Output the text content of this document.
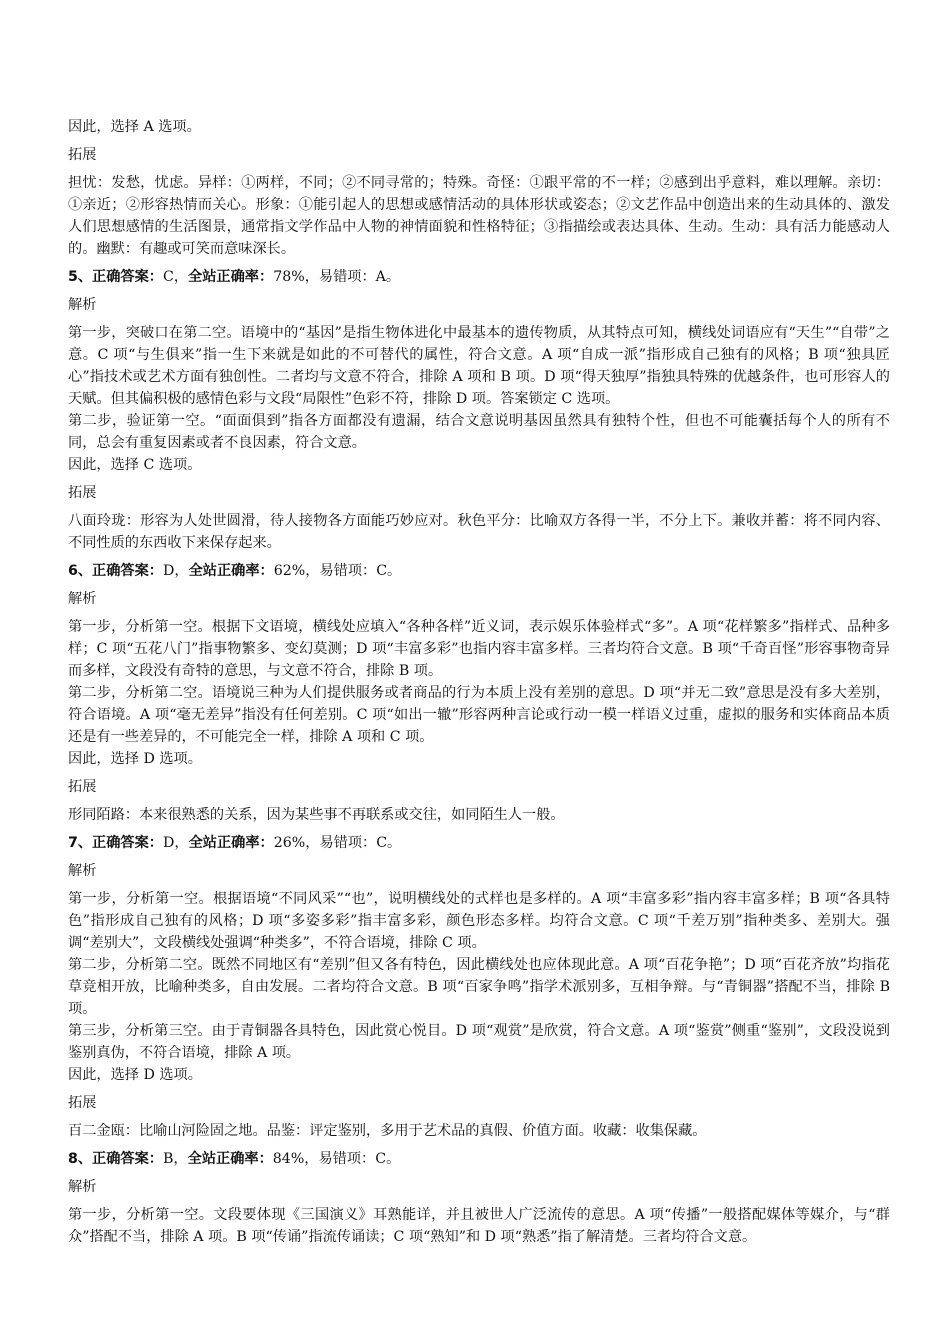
因此，选择 A 选项。
拓展
担忧：发愁，忧虑。异样：①两样，不同；②不同寻常的；特殊。奇怪：①跟平常的不一样；②感到出乎意料，难以理解。亲切：①亲近；②形容热情而关心。形象：①能引起人的思想或感情活动的具体形状或姿态；②文艺作品中创造出来的生动具体的、激发人们思想感情的生活图景，通常指文学作品中人物的神情面貌和性格特征；③指描绘或表达具体、生动。生动：具有活力能感动人的。幽默：有趣或可笑而意味深长。
5、正确答案：C，全站正确率：78%，易错项：A。
解析
第一步，突破口在第二空。语境中的“基因”是指生物体进化中最基本的遗传物质，从其特点可知，横线处词语应有“天生”“自带”之意。C 项“与生俱来”指一生下来就是如此的不可替代的属性，符合文意。A 项“自成一派”指形成自己独有的风格；B 项“独具匠心”指技术或艺术方面有独创性。二者均与文意不符合，排除 A 项和 B 项。D 项“得天独厚”指独具特殊的优越条件，也可形容人的天赋。但其偏积极的感情色彩与文段“局限性”色彩不符，排除 D 项。答案锁定 C 选项。
第二步，验证第一空。“面面俱到”指各方面都没有遗漏，结合文意说明基因虽然具有独特个性，但也不可能囊括每个人的所有不同，总会有重复因素或者不良因素，符合文意。
因此，选择 C 选项。
拓展
八面玲珑：形容为人处世圆滑，待人接物各方面能巧妙应对。秋色平分：比喻双方各得一半，不分上下。兼收并蓄：将不同内容、不同性质的东西收下来保存起来。
6、正确答案：D，全站正确率：62%，易错项：C。
解析
第一步，分析第一空。根据下文语境，横线处应填入“各种各样”近义词，表示娱乐体验样式“多”。A 项“花样繁多”指样式、品种多样；C 项“五花八门”指事物繁多、变幻莫测；D 项“丰富多彩”也指内容丰富多样。三者均符合文意。B 项“千奇百怪”形容事物奇异而多样，文段没有奇特的意思，与文意不符合，排除 B 项。
第二步，分析第二空。语境说三种为人们提供服务或者商品的行为本质上没有差别的意思。D 项“并无二致”意思是没有多大差别，符合语境。A 项“毫无差异”指没有任何差别。C 项“如出一辙”形容两种言论或行动一模一样语义过重，虚拟的服务和实体商品本质还是有一些差异的，不可能完全一样，排除 A 项和 C 项。
因此，选择 D 选项。
拓展
形同陌路：本来很熟悉的关系，因为某些事不再联系或交往，如同陌生人一般。
7、正确答案：D，全站正确率：26%，易错项：C。
解析
第一步，分析第一空。根据语境“不同风采”“也”，说明横线处的式样也是多样的。A 项“丰富多彩”指内容丰富多样；B 项“各具特色”指形成自己独有的风格；D 项“多姿多彩”指丰富多彩，颜色形态多样。均符合文意。C 项“千差万别”指种类多、差别大。强调“差别大”，文段横线处强调“种类多”，不符合语境，排除 C 项。
第二步，分析第二空。既然不同地区有“差别”但又各有特色，因此横线处也应体现此意。A 项“百花争艳”；D 项“百花齐放”均指花草竞相开放，比喻种类多，自由发展。二者均符合文意。B 项“百家争鸣”指学术派别多，互相争辩。与“青铜器”搭配不当，排除 B 项。
第三步，分析第三空。由于青铜器各具特色，因此赏心悦目。D 项“观赏”是欣赏，符合文意。A 项“鉴赏”侧重“鉴别”，文段没说到鉴别真伪，不符合语境，排除 A 项。
因此，选择 D 选项。
拓展
百二金瓯：比喻山河险固之地。品鉴：评定鉴别，多用于艺术品的真假、价值方面。收藏：收集保藏。
8、正确答案：B，全站正确率：84%，易错项：C。
解析
第一步，分析第一空。文段要体现《三国演义》耳熟能详，并且被世人广泛流传的意思。A 项“传播”一般搭配媒体等媒介，与“群众”搭配不当，排除 A 项。B 项“传诵”指流传诵读；C 项“熟知”和 D 项“熟悉”指了解清楚。三者均符合文意。
